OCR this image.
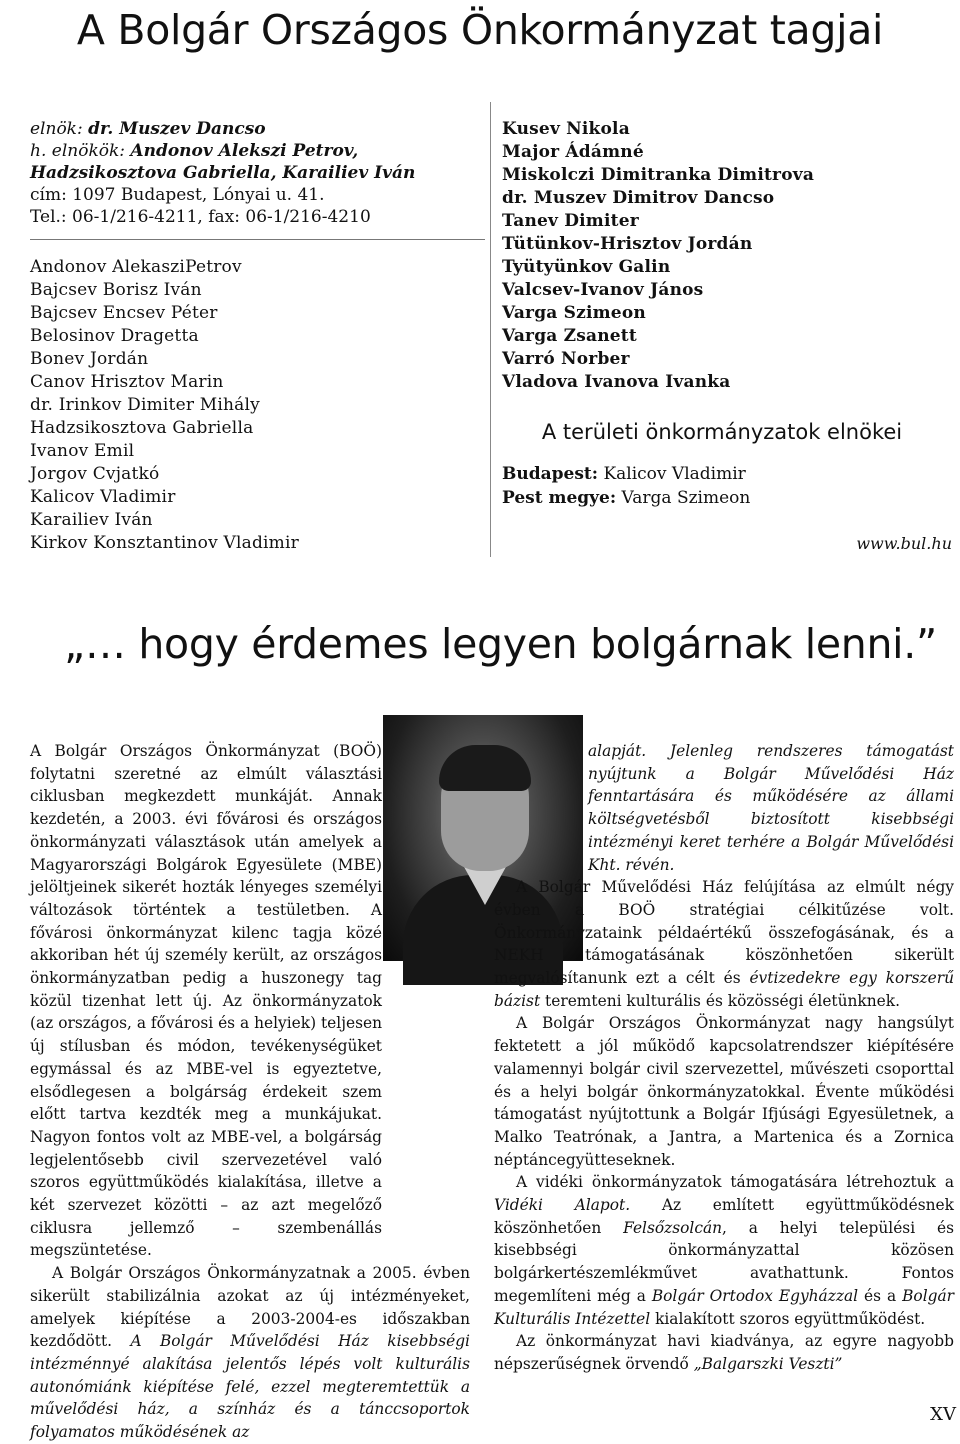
A Bolgár Országos Önkormányzat tagjai
elnök: dr. Muszev Dancso
h. elnökök: Andonov Alekszi Petrov,
Hadzsikosztova Gabriella, Karailiev Iván
cím: 1097 Budapest, Lónyai u. 41.
Tel.: 06-1/216-4211, fax: 06-1/216-4210
Andonov AlekasziPetrov
Bajcsev Borisz Iván
Bajcsev Encsev Péter
Belosinov Dragetta
Bonev Jordán
Canov Hrisztov Marin
dr. Irinkov Dimiter Mihály
Hadzsikosztova Gabriella
Ivanov Emil
Jorgov Cvjatkó
Kalicov Vladimir
Karailiev Iván
Kirkov Konsztantinov Vladimir
Kusev Nikola
Major Ádámné
Miskolczi Dimitranka Dimitrova
dr. Muszev Dimitrov Dancso
Tanev Dimiter
Tütünkov-Hrisztov Jordán
Tyütyünkov Galin
Valcsev-Ivanov János
Varga Szimeon
Varga Zsanett
Varró Norber
Vladova Ivanova Ivanka
A területi önkormányzatok elnökei
Budapest: Kalicov Vladimir
Pest megye: Varga Szimeon
www.bul.hu
„… hogy érdemes legyen bolgárnak lenni.”

A Bolgár Országos Önkormányzat (BOÖ) folytatni szeretné az elmúlt választási ciklusban megkezdett munkáját. Annak kezdetén, a 2003. évi fővárosi és országos önkormányzati választások után amelyek a Magyarországi Bolgárok Egyesülete (MBE) jelöltjeinek sikerét hozták lényeges személyi változások történtek a testületben. A fővárosi önkormányzat kilenc tagja közé akkoriban hét új személy került, az országos önkormányzatban pedig a huszonegy tag közül tizenhat lett új. Az önkormányzatok (az országos, a fővárosi és a helyiek) teljesen új stílusban és módon, tevékenységüket egymással és az MBE-vel is egyeztetve, elsődlegesen a bolgárság érdekeit szem előtt tartva kezdték meg a munkájukat. Nagyon fontos volt az MBE-vel, a bolgárság legjelentősebb civil szervezetével való szoros együttműködés kialakítása, illetve a két szervezet közötti – az azt megelőző ciklusra jellemző – szembenállás megszüntetése.

A Bolgár Országos Önkormányzatnak a 2005. évben sikerült stabilizálnia azokat az új intézményeket, amelyek kiépítése a 2003-2004-es időszakban kezdődött. A Bolgár Művelődési Ház kisebbségi intézménnyé alakítása jelentős lépés volt kulturális autonómiánk kiépítése felé, ezzel megteremtettük a művelődési ház, a színház és a tánccsoportok folyamatos működésének az

alapját. Jelenleg rendszeres támogatást nyújtunk a Bolgár Művelődési Ház fenntartására és működésére az állami költségvetésből biztosított kisebbségi intézményi keret terhére a Bolgár Művelődési Kht. révén.

A Bolgár Művelődési Ház felújítása az elmúlt négy évben a BOÖ stratégiai célkitűzése volt. Önkormányzataink példaértékű összefogásának, és a NEKH támogatásának köszönhetően sikerült megvalósítanunk ezt a célt és évtizedekre egy korszerű bázist teremteni kulturális és közösségi életünknek.

A Bolgár Országos Önkormányzat nagy hangsúlyt fektetett a jól működő kapcsolatrendszer kiépítésére valamennyi bolgár civil szervezettel, művészeti csoporttal és a helyi bolgár önkormányzatokkal. Évente működési támogatást nyújtottunk a Bolgár Ifjúsági Egyesületnek, a Malko Teatrónak, a Jantra, a Martenica és a Zornica néptáncegyütteseknek.

A vidéki önkormányzatok támogatására létrehoztuk a Vidéki Alapot. Az említett együttműködésnek köszönhetően Felsőzsolcán, a helyi települési és kisebbségi önkormányzattal közösen bolgárkertészemlékművet avathattunk. Fontos megemlíteni még a Bolgár Ortodox Egyházzal és a Bolgár Kulturális Intézettel kialakított szoros együttműködést.

Az önkormányzat havi kiadványa, az egyre nagyobb népszerűségnek örvendő „Balgarszki Veszti”

XV
